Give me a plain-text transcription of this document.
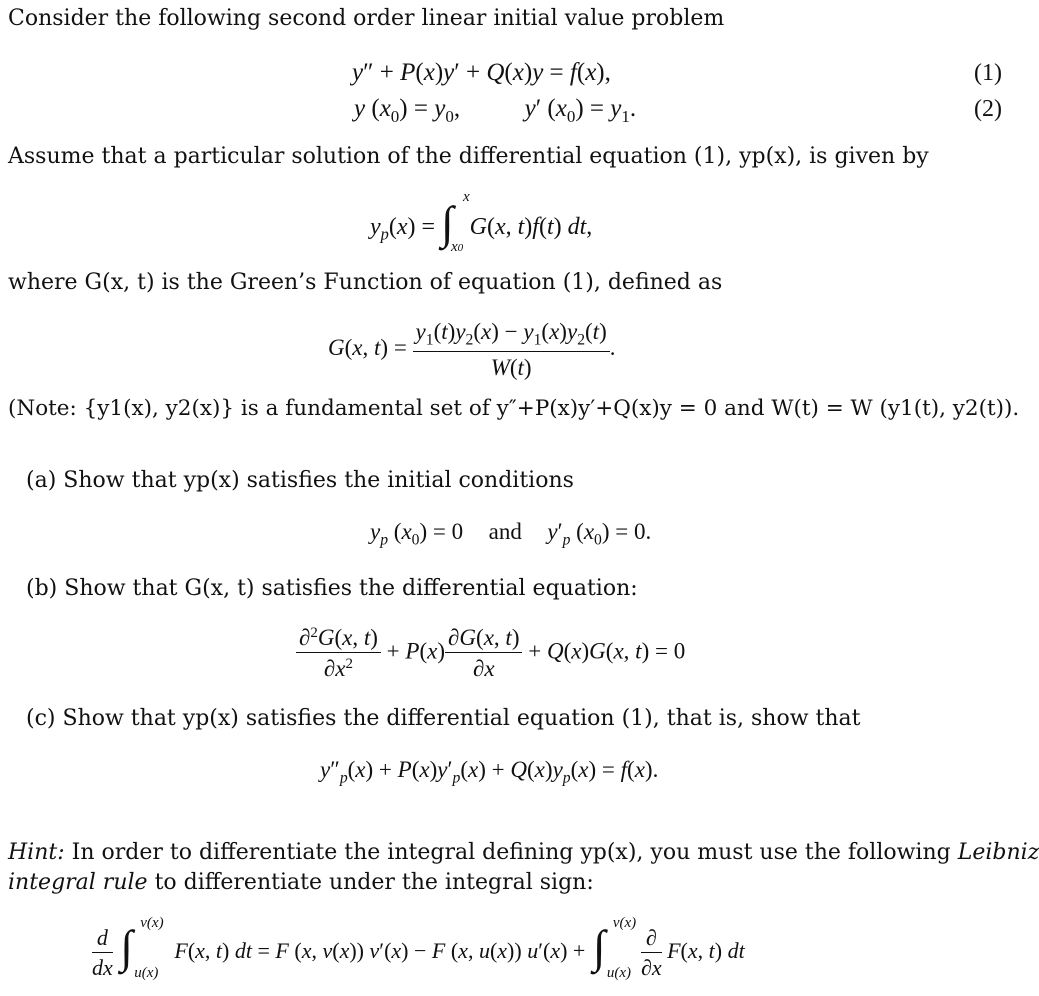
Consider the following second order linear initial value problem
y″ + P(x)y′ + Q(x)y = f(x),	(1)
y $(x_0) = y_0$,  y′ $(x_0) = y_1$.	(2)
Assume that a particular solution of the differential equation (1), yp(x), is given by
$y_p(x)$ = ∫ x
x0
G(x, t)f(t) dt,
where G(x, t) is the Green’s Function of equation (1), defined as
G(x, $t) = \frac{y_1(t)y_2(x) - y_1(x)y_2(t)}{W(t)}$ .
(Note: {y1(x), y2(x)} is a fundamental set of y″+P(x)y′+Q(x)y = 0 and W(t) = W (y1(t), y2(t)).
(a) Show that yp(x) satisfies the initial conditions
$y_p$ $(x_0) = 0$  and $y'_p$ $(x_0) = 0$.
(b) Show that G(x, t) satisfies the differential equation:
$\frac{\partial^2G(x, t)}{\partial x^2} + P(x) \frac{\partial G(x, t)}{\partial x} + Q(x)G(x$, t) = 0
(c) Show that yp(x) satisfies the differential equation (1), that is, show that
$y''_p(x) + P(x)y'_p(x) + Q(x)y_p(x) = f(x)$.
Hint: In order to differentiate the integral defining yp(x), you must use the following Leibniz
integral rule to differentiate under the integral sign:
$\frac{d}{dx}$ ∫ v(x)
u(x)
F(x, t) dt = F (x, v(x)) v′(x) − F (x, u(x)) u′(x) + ∫ v(x)
u(x)
$\frac{\partial}{\partial x} F(x$, t) dt
